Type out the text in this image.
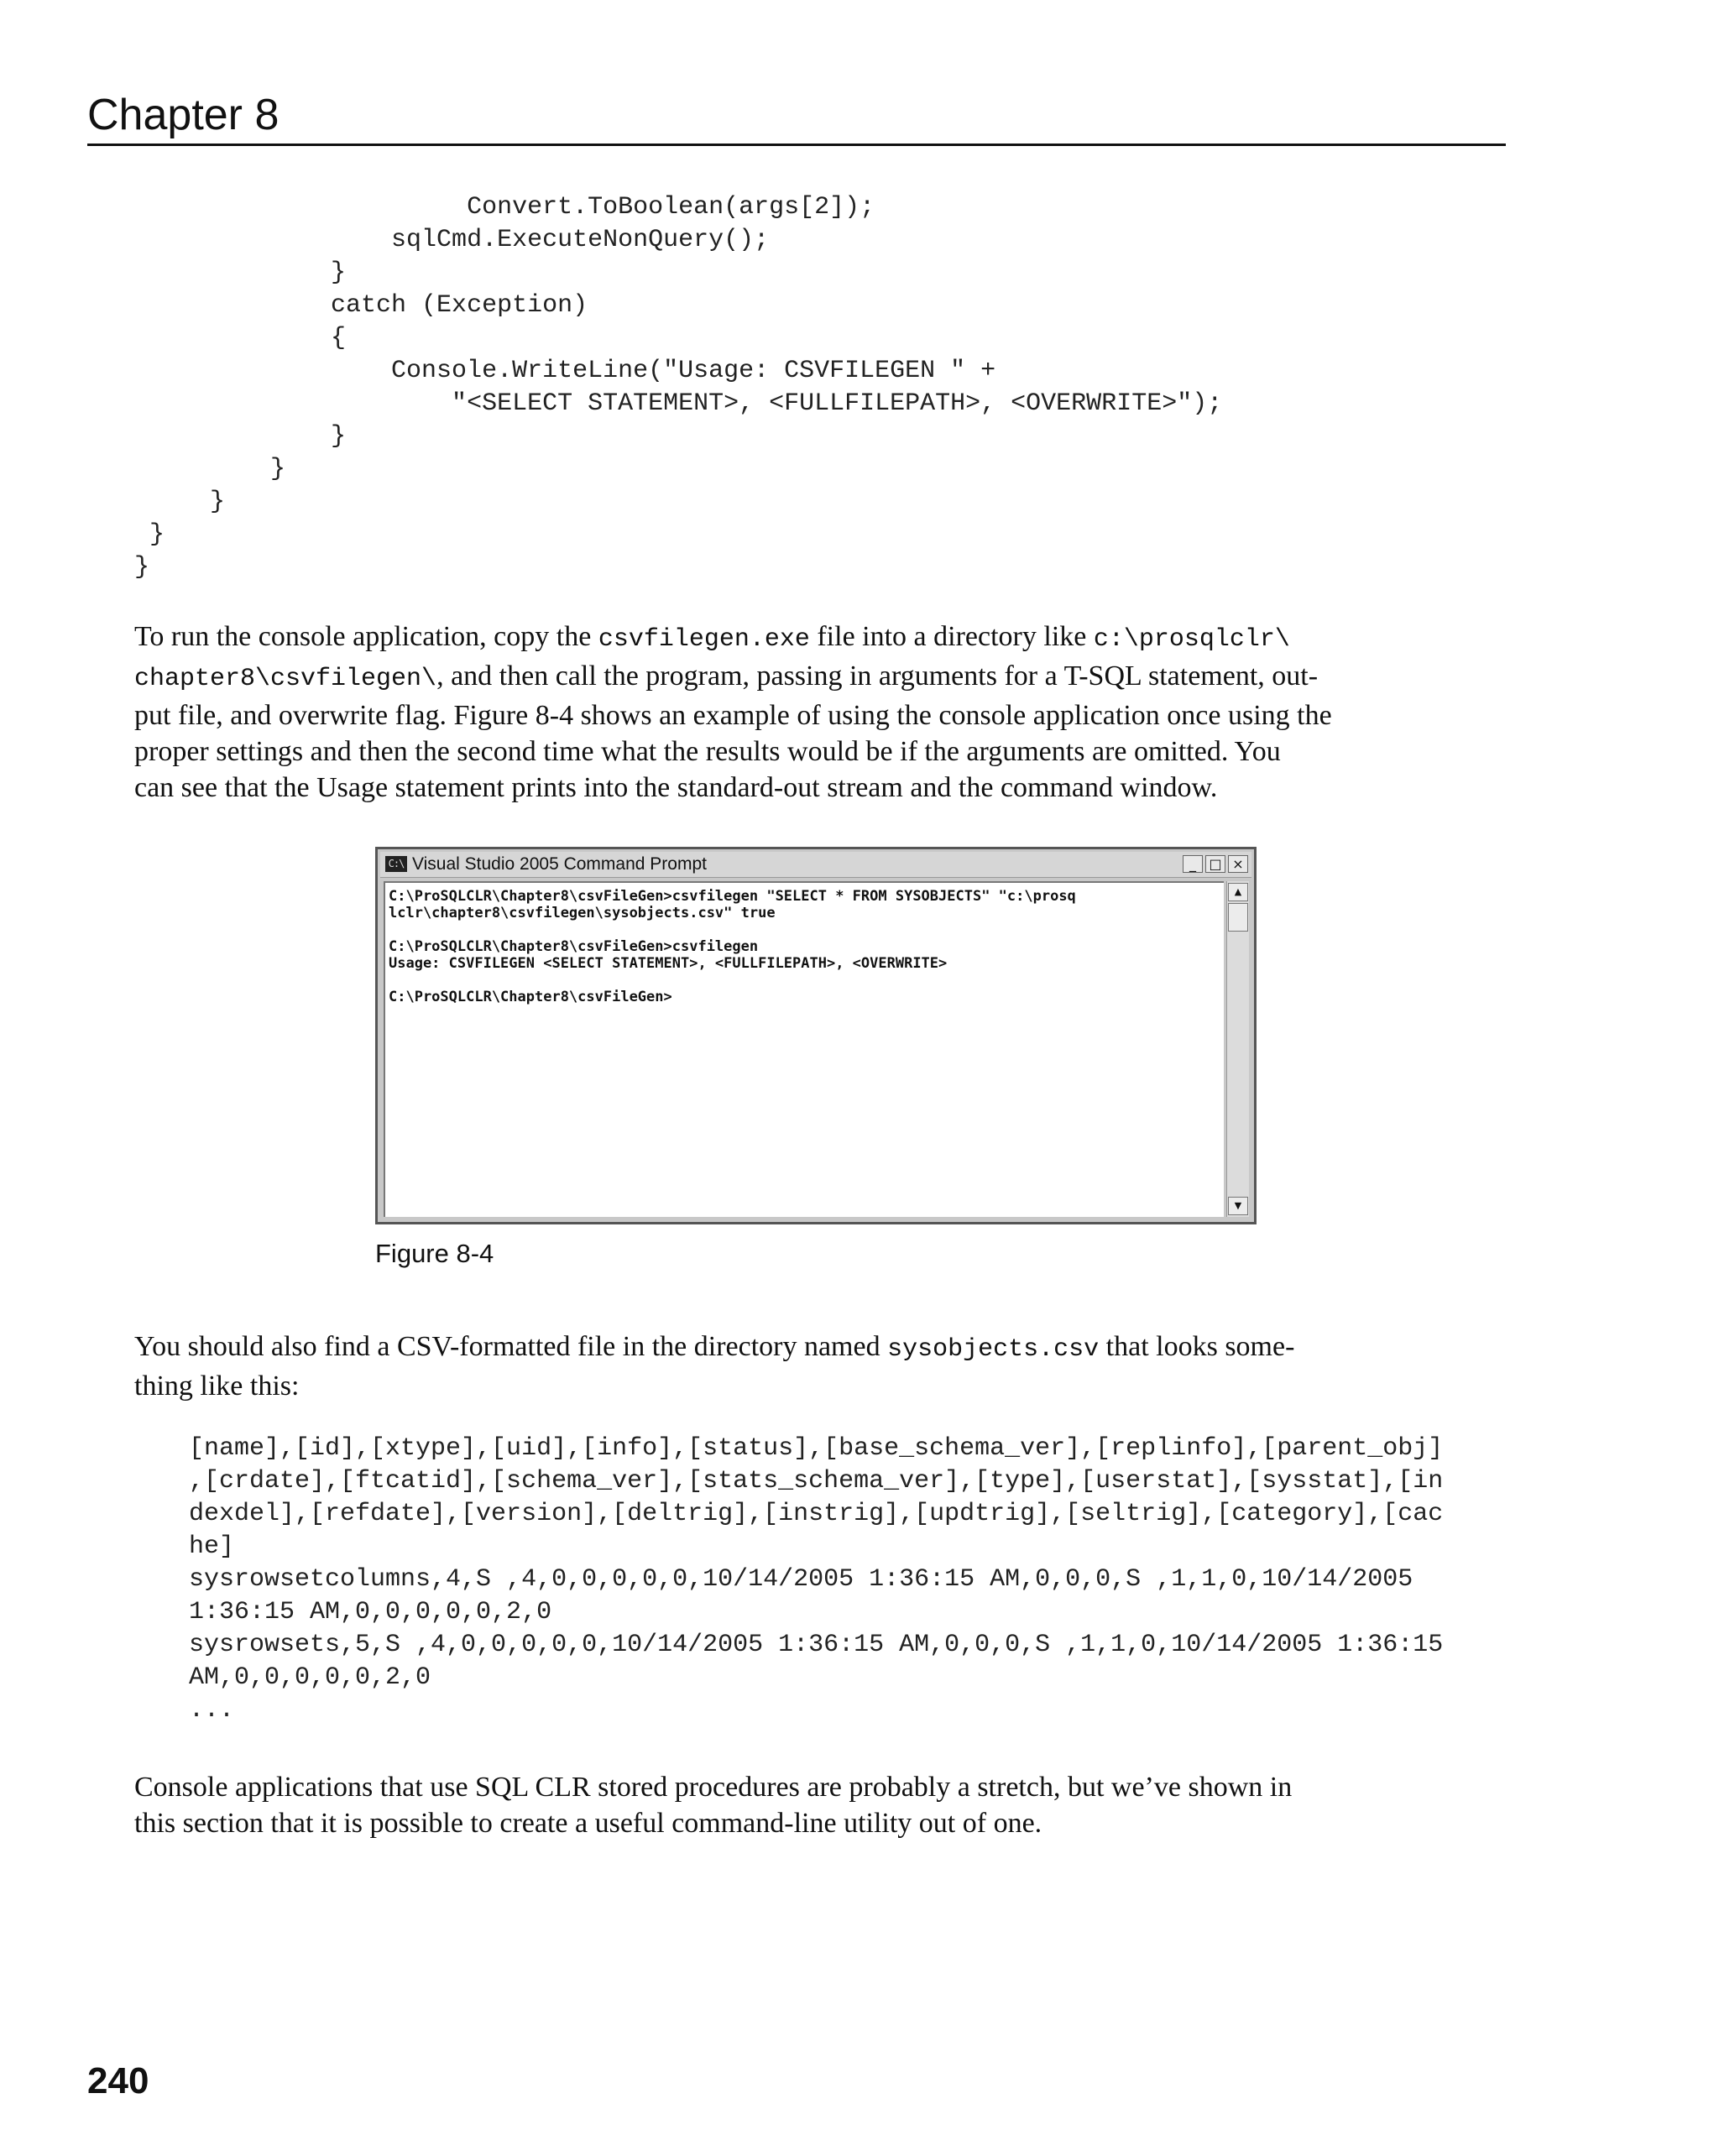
Chapter 8
Convert.ToBoolean(args[2]);
sqlCmd.ExecuteNonQuery();
}
catch (Exception)
{
Console.WriteLine("Usage: CSVFILEGEN " +
"<SELECT STATEMENT>, <FULLFILEPATH>, <OVERWRITE>");
}
}
}
}
}

To run the console application, copy the csvfilegen.exe file into a directory like c:\prosqlclr\
chapter8\csvfilegen\, and then call the program, passing in arguments for a T-SQL statement, out-
put file, and overwrite flag. Figure 8-4 shows an example of using the console application once using the
proper settings and then the second time what the results would be if the arguments are omitted. You
can see that the Usage statement prints into the standard-out stream and the command window.

C:\ Visual Studio 2005 Command Prompt	_ □ ×
C:\ProSQLCLR\Chapter8\csvFileGen>csvfilegen "SELECT * FROM SYSOBJECTS" "c:\prosq
lclr\chapter8\csvfilegen\sysobjects.csv" true

C:\ProSQLCLR\Chapter8\csvFileGen>csvfilegen
Usage: CSVFILEGEN <SELECT STATEMENT>, <FULLFILEPATH>, <OVERWRITE>

C:\ProSQLCLR\Chapter8\csvFileGen>
▲
▼
Figure 8-4

You should also find a CSV-formatted file in the directory named sysobjects.csv that looks some-
thing like this:

[name],[id],[xtype],[uid],[info],[status],[base_schema_ver],[replinfo],[parent_obj]
,[crdate],[ftcatid],[schema_ver],[stats_schema_ver],[type],[userstat],[sysstat],[in
dexdel],[refdate],[version],[deltrig],[instrig],[updtrig],[seltrig],[category],[cac
he]
sysrowsetcolumns,4,S ,4,0,0,0,0,0,10/14/2005 1:36:15 AM,0,0,0,S ,1,1,0,10/14/2005
1:36:15 AM,0,0,0,0,0,2,0
sysrowsets,5,S ,4,0,0,0,0,0,10/14/2005 1:36:15 AM,0,0,0,S ,1,1,0,10/14/2005 1:36:15
AM,0,0,0,0,0,2,0
...

Console applications that use SQL CLR stored procedures are probably a stretch, but we’ve shown in
this section that it is possible to create a useful command-line utility out of one.

240
